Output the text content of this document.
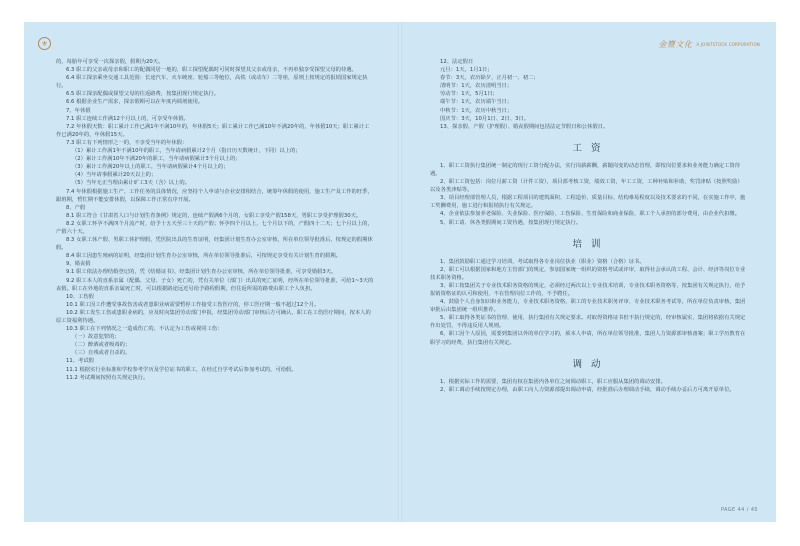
⚜

的，每胎年可享受一次探亲假，假期为20天。

6.3 职工的父亲或母亲和职工的配偶同居一地的，职工探望配偶时可同时探望其父亲或母亲，不再单独享受探望父母的待遇。

6.4 职工探亲乘坐交通工具范围：长途汽车、火车硬座、轮船三等舱位，高铁（或动车）二等座，原则上按规定的报销国家规定执行。

6.5 职工探亲配偶或探望父母的往返路费，按集团现行规定执行。

6.6 根据企业生产需求，探亲假期可以在年度内调剂使用。

7、年休假

7.1 职工连续工作满12个月以上的，可享受年休假。

7.2 年休假天数：职工累计工作已满1年不满10年的，年休假5天；职工累计工作已满10年不满20年的，年休假10天；职工累计工作已满20年的，年休假15天。

7.3 职工有下列情形之一的，不享受当年的年休假：

（1）累计工作满1年不满10年的职工，当年请病假累计2个月（指日历天数统计，下同）以上的；

（2）累计工作满10年不满20年的职工，当年请病假累计3个月以上的；

（3）累计工作满20年以上的职工，当年请病假累计4个月以上的；

（4）当年请事假累计20天以上的；

（5）当年无正当理由累计旷工3天（含）以上的。

7.4 年休假根据施工生产、工作任务的具体情况，应坚持个人申请与企业安排相结合，统筹年休假的使用，施工生产及工作的旺季，跟班期，暂忙期不能安排休假，以保障工作正常有序开展。

8、产假

8.1 职工符合《甘肃省人口与计划生育条例》规定的，连续产假满6个月的，女职工享受产假158天，男职工享受护理假30天。

8.2 女职工怀孕不满四个月流产时，给予十五天至三十天的产假；怀孕四个月以上，七个月以下的，产假四十二天；七个月以上的，产假六十天。

8.3 女职工休产假、男职工休护理假，凭医院出具的生育证明，经集团计划生育办公室审核，所在单位领导批准后，按规定的假期休假。

8.4 职工因患生殖病的证明，经集团计划生育办公室审核，所在单位领导批准后，可按规定享受有关计划生育的假期。

9、婚丧假

9.1 职工依法办理结婚登记的，凭《结婚证书》，经集团计划生育办公室审核，所在单位领导批准，可享受婚假3天。

9.2 职工本人的直系亲属（配偶、父母、子女）死亡的，凭有关单位（部门）出具的死亡证明，经所在单位领导批准，可给1~3天的丧假。职工在外地的直系亲属死亡时，可以根据路途远近另给予路程假期，但往返所需的路费由职工个人负担。

10、工伤假

10.1 职工因工作遭受事故伤害或者患职业病需要暂停工作接受工伤医疗的，停工医疗期一般不超过12个月。

10.2 职工发生工伤或患职业病的，应及时向集团劳动部门申报，经集团劳动部门审核后方可确认，职工在工伤医疗期间，按本人的原工资福利待遇。

10.3 职工在下列情况之一造成伤亡的，不认定为工伤或视同工伤：

（一）故意犯罪的；

（二）醉酒或者吸毒的；

（三）自残或者自杀的。

11、考试假

11.1 根据实行业标准和学校参考学历及学位证书的职工，在经过自学考试后参加考试的，可给假。

11.2 考试期间按照有关规定执行。

金豐文化 A JOINTSTOCK CORPORATION

12、法定假日

元旦：1天，1月1日；

春节：3天，农历除夕、正月初一、初二；

清明节：1天，农历清明当日；

劳动节：1天，5月1日；

端午节：1天，农历端午当日；

中秋节：1天，农历中秋当日；

国庆节：3天，10月1日、2日、3日。

13、探亲假、产假（护理假）、婚丧假期间包括法定节假日和公休假日。

工 资

1、职工工资执行集团统一制定的现行工资分配办法，实行岗薪薪酬，薪随岗变的动态管理，即按岗位要求和业务能力确定工资待遇。

2、职工工资包括：岗位月薪工资（计件工资），项目部考核工资，绩效工资，年工工资，工种补贴和补助，奖罚津贴（按照奖励）以及各类津贴等。

3、项目经理部管理人员，根据工程项目的建筑面积、工程造价、质量目标、结构难易程度以及技术要求的不同，在实施工作中，施工奖酬费用，施工进行和报销执行有关规定。

4、企业依法参加养老保险、失业保险、医疗保险、工伤保险、生育保险和商业保险，职工个人承担的部分费用，由企业代扣缴。

5、职工请、休各类假期间工资待遇，按集团现行规定执行。

培 训

1、集团鼓励职工通过学习培训，考试取得各专业岗位执业（职业）资格（合格）证书。

2、职工可以根据国家和地方主管部门的规定，参加国家统一组织的资格考试或评审，取得社会承认的工程、会计、经济等岗位专业技术职务资格。

3、职工按集团关于专业技术职务资格的规定，必须经过两次以上专业技术培训，专业技术职务资格等，按集团有关规定执行，给予报销资格证的认可和使用，不在管理岗位工作的，不予聘任。

4、鼓励个人自身知识和业务能力，专业技术职务资格，职工的专业技术职务评审、专业技术职务考试等，所在单位负责审核，集团审批后由集团统一组织推荐。

5、职工取得各类证书的管理、使用，执行集团有关规定要求。对取得资格证书但不执行规定的，经审核属实，集团将依据有关规定作出处罚，不得违反用人规则。

6、职工因个人原因，需要到集团以外的单位学习的，须本人申请，所在单位领导批准，集团人力资源部审核备案；职工学历教育在职学习的经费，执行集团有关规定。

调 动

1、根据实际工作的需要，集团有权在集团内各单位之间调动职工，职工应服从集团的调动安排。

2、职工调动手续按规定办理，由职工向人力资源部提出调动申请，经批准后办理调动手续，调动手续办妥后方可离开原单位。

PAGE 44 / 45
